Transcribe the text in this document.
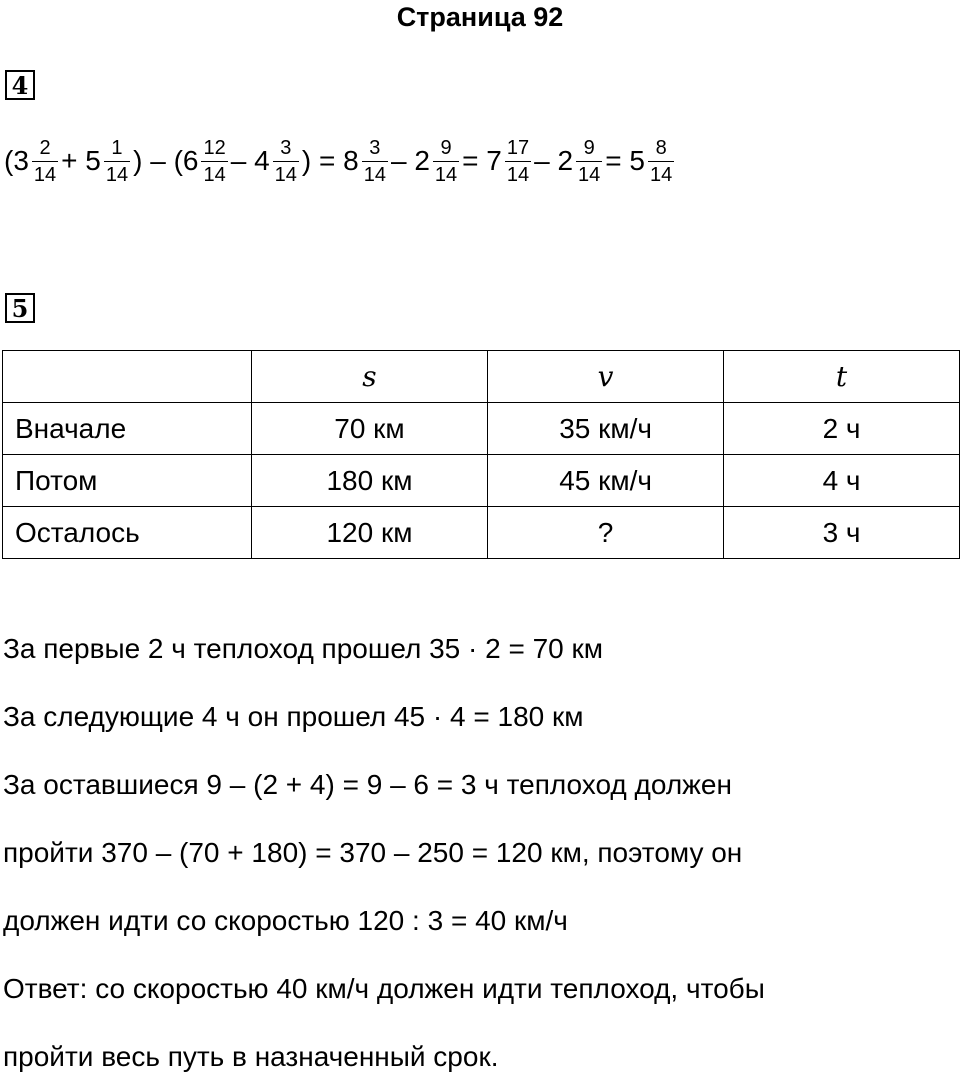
Страница 92
4
($3 \frac{2}{14} + 5 \frac{1}{14}$ ) – ($6 \frac{12}{14} - 4 \frac{3}{14}$ ) = $8 \frac{3}{14} - 2 \frac{9}{14} = 7 \frac{17}{14} - 2 \frac{9}{14} = 5 \frac{8}{14}$
5
	s	v	t
Вначале	70 км	35 км/ч	2 ч
Потом	180 км	45 км/ч	4 ч
Осталось	120 км	?	3 ч
За первые 2 ч теплоход прошел 35 · 2 = 70 км
За следующие 4 ч он прошел 45 · 4 = 180 км
За оставшиеся 9 – (2 + 4) = 9 – 6 = 3 ч теплоход должен
пройти 370 – (70 + 180) = 370 – 250 = 120 км, поэтому он
должен идти со скоростью 120 : 3 = 40 км/ч
Ответ: со скоростью 40 км/ч должен идти теплоход, чтобы
пройти весь путь в назначенный срок.
